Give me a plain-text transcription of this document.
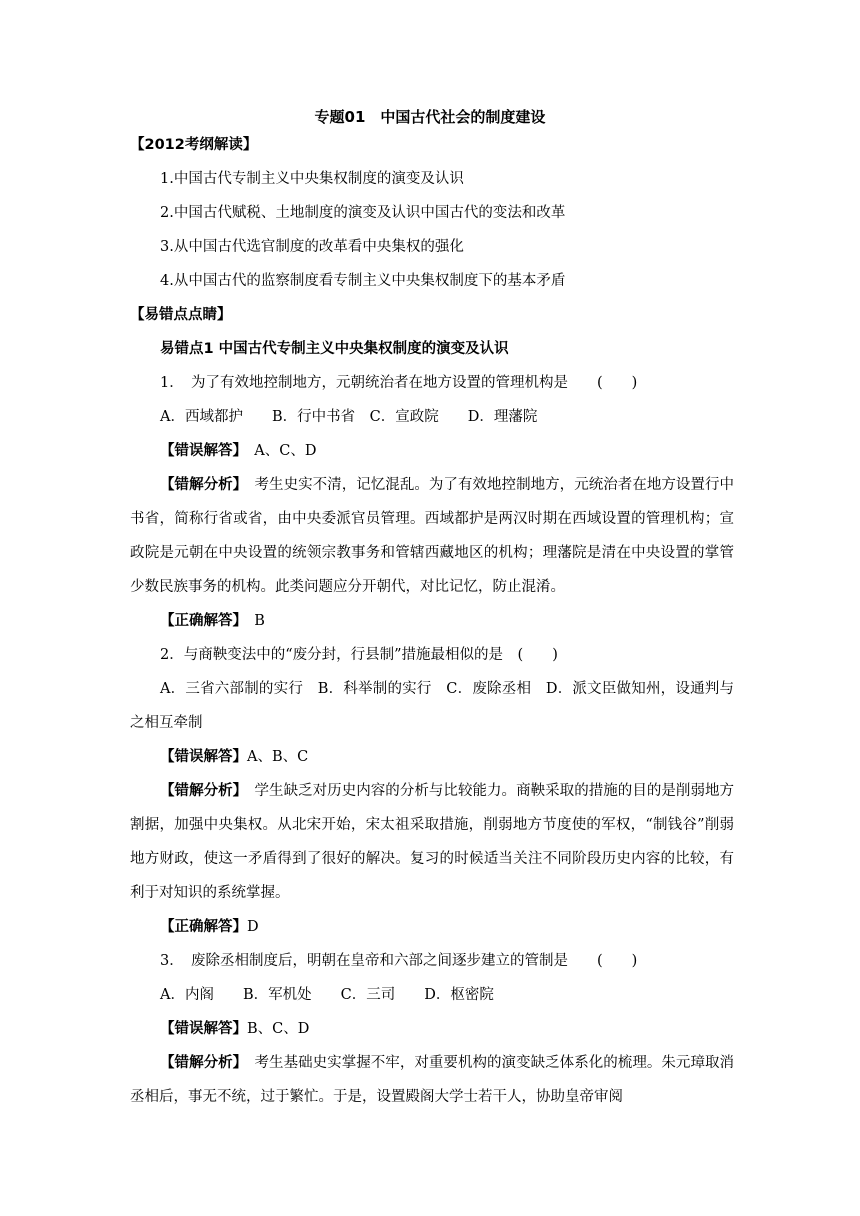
专题01　中国古代社会的制度建设

【2012考纲解读】

1.中国古代专制主义中央集权制度的演变及认识

2.中国古代赋税、土地制度的演变及认识中国古代的变法和改革

3.从中国古代选官制度的改革看中央集权的强化

4.从中国古代的监察制度看专制主义中央集权制度下的基本矛盾

【易错点点睛】

易错点1 中国古代专制主义中央集权制度的演变及认识

1．　为了有效地控制地方，元朝统治者在地方设置的管理机构是　　(　　)

A．西域都护　　B．行中书省　C．宣政院　　D．理藩院

【错误解答】　 A、C、D

【错解分析】　 考生史实不清，记忆混乱。为了有效地控制地方，元统治者在地方设置行中书省，简称行省或省，由中央委派官员管理。西域都护是两汉时期在西域设置的管理机构；宣政院是元朝在中央设置的统领宗教事务和管辖西藏地区的机构；理藩院是清在中央设置的掌管少数民族事务的机构。此类问题应分开朝代，对比记忆，防止混淆。

【正确解答】　 B

2．与商鞅变法中的“废分封，行县制”措施最相似的是　(　　)

A．三省六部制的实行　B．科举制的实行　C．废除丞相　D．派文臣做知州，设通判与之相互牵制

【错误解答】A、B、C

【错解分析】　 学生缺乏对历史内容的分析与比较能力。商鞅采取的措施的目的是削弱地方割据，加强中央集权。从北宋开始，宋太祖采取措施，削弱地方节度使的军权，“制钱谷”削弱地方财政，使这一矛盾得到了很好的解决。复习的时候适当关注不同阶段历史内容的比较，有利于对知识的系统掌握。

【正确解答】D

3．　废除丞相制度后，明朝在皇帝和六部之间逐步建立的管制是　　(　　)

A．内阁　　B．军机处　　C．三司　　D．枢密院

【错误解答】B、C、D

【错解分析】　 考生基础史实掌握不牢，对重要机构的演变缺乏体系化的梳理。朱元璋取消丞相后，事无不统，过于繁忙。于是，设置殿阁大学士若干人，协助皇帝审阅
